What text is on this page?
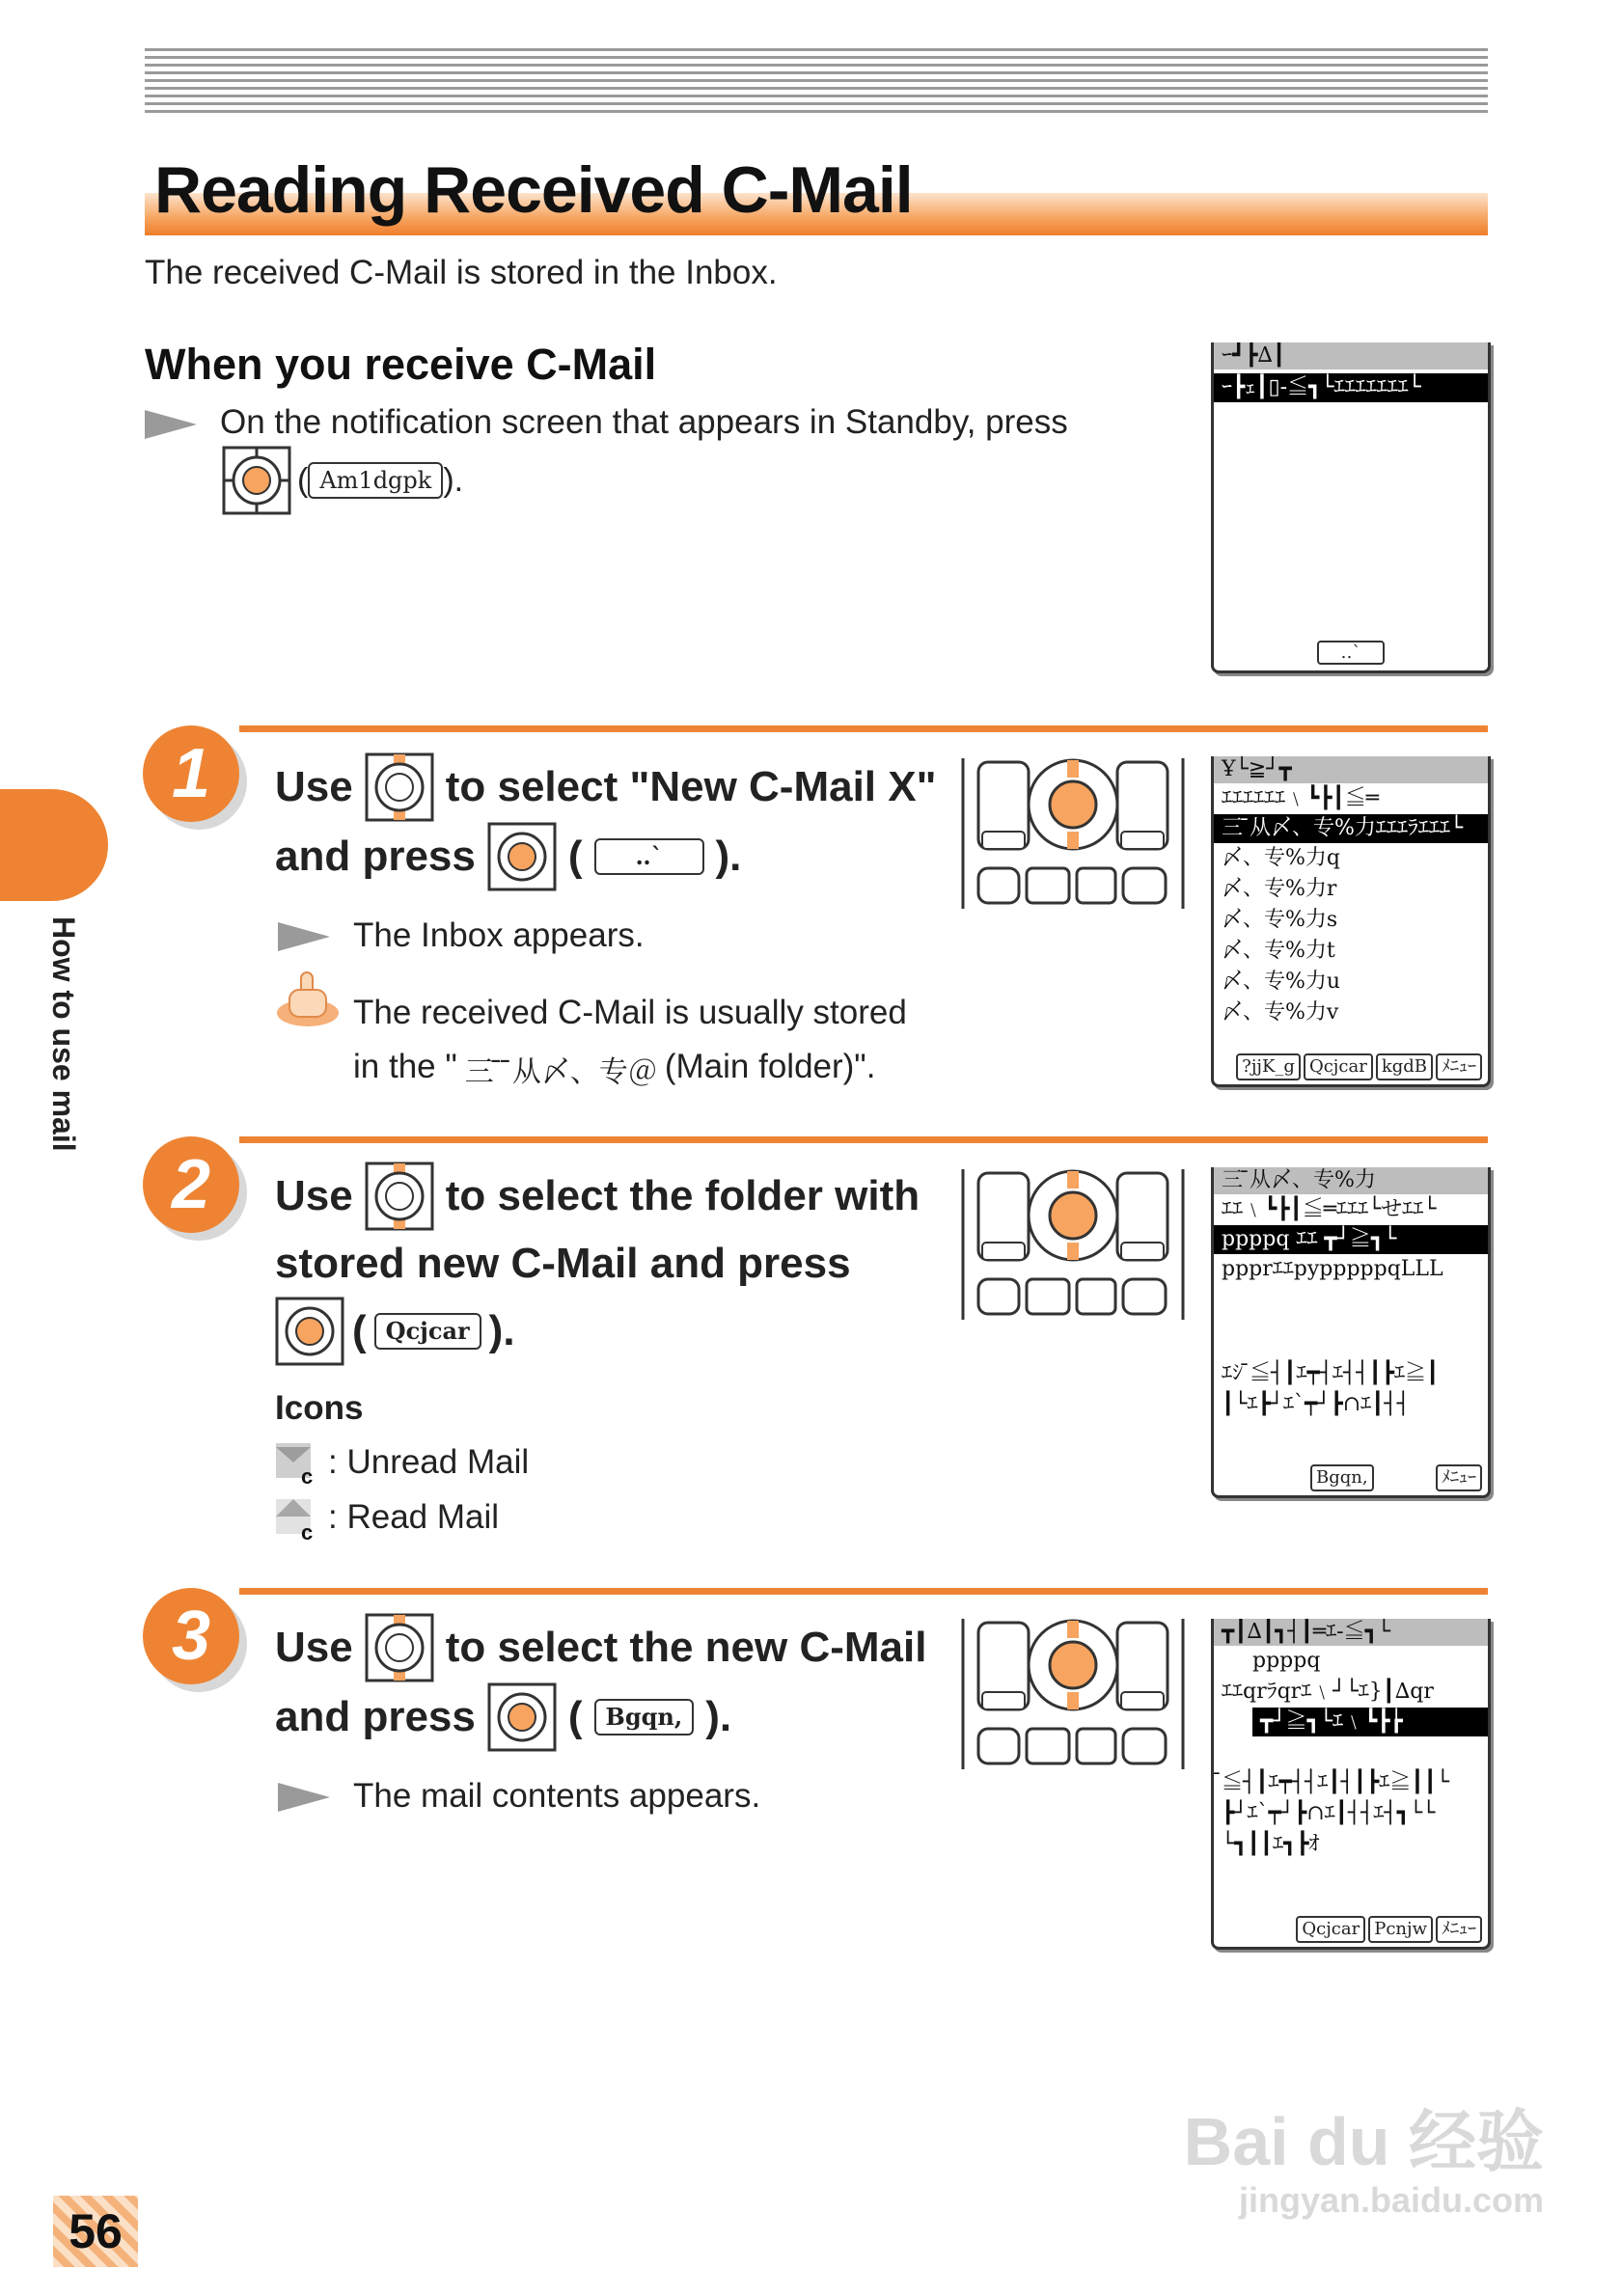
Reading Received C-Mail
The received C-Mail is stored in the Inbox.
When you receive C-Mail
On the notification screen that appears in Standby, press
( Am1dgpk ).
ｰ┛┣∆┃
ｰ┣ｪ┃▯-≦┓└ｴｴｴｴｴｴｴ└
‥`
How to use mail
1	Use to select "New C-Mail X"
and press (	‥`	).
The Inbox appears.
The received C-Mail is usually stored
in the " 三 ̄ ̄从〆、专＠ (Main folder)".
Ұ└≧┘┳
ｴｴｴｴｴｴ﹨┗┣┃≦═
三 ̄从〆、专%力ｴｴｴﾗｴｴｴ└
〆、专%力q
〆、专%力r
〆、专%力s
〆、专%力t
〆、专%力u
〆、专%力v
?jjK_g Qcjcar kgdB ﾒﾆｭｰ
2	Use to select the folder with
stored new C-Mail and press
( Qcjcar ).
Icons
c : Unread Mail
c : Read Mail
三 ̄从〆、专%力
ｴｴ﹨┗┣┃≦═ｴｴｴ└せｴｴ└
ppppq ｴｴ ┳┘≧┓└
ppprｴｴpypppppqLLL
ｴｼ ̄≦┤┃ｴ┯┤ｴ┤┤┃┣ｴ≧┃
┃└ｴ┣┘ｴ`┯┘┣∩ｴ┃┤┤
Bgqn,	ﾒﾆｭｰ
3	Use to select the new C-Mail
and press (	Bgqn, ).
The mail contents appears.
┳┃∆┃┓┤┃═ｴ-≦┓└
ppppq
ｴｴqrﾗqrｴ﹨┘└ｴ}┃∆qr
┳┘≧┓└ｴ﹨┗┣┢
̄≦┤┃ｴ┯┤┤ｴ┃┤┃┣ｴ≧┃┃└
┣┘ｴ`┯┘┣∩ｴ┃┤┤ｴ┤┓└└
└┓┃┃ｴ┓┣ｵ
Qcjcar Pcnjw ﾒﾆｭｰ
Bai du 经验
jingyan.baidu.com
56
